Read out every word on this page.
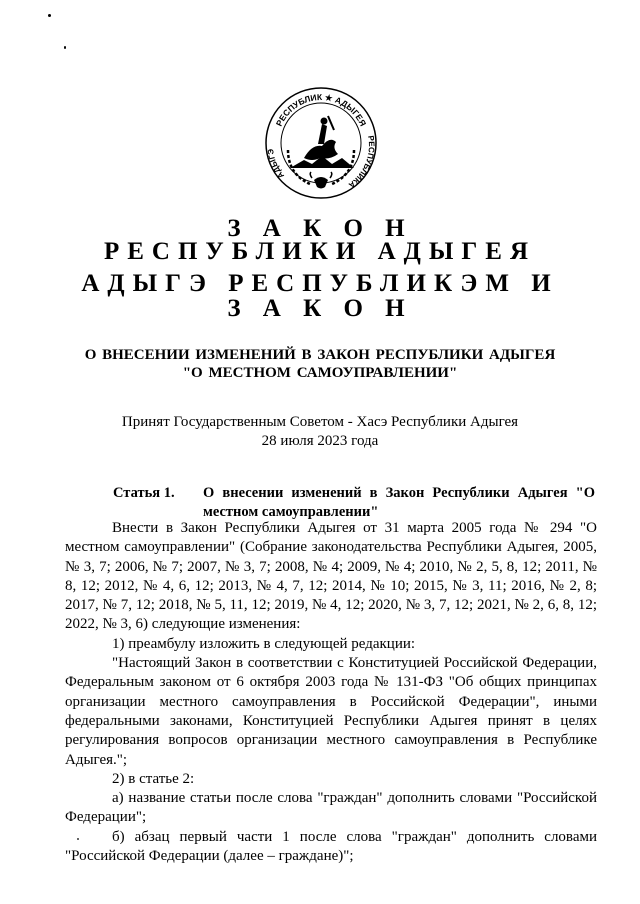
РЕСПУБЛИК ★ АДЫГЕЯ
АДЫГЭ
РЕСПУБЛИКА
З А К О Н
РЕСПУБЛИКИ АДЫГЕЯ
АДЫГЭ РЕСПУБЛИКЭМ И
З А К О Н
О ВНЕСЕНИИ ИЗМЕНЕНИЙ В ЗАКОН РЕСПУБЛИКИ АДЫГЕЯ
"О МЕСТНОМ САМОУПРАВЛЕНИИ"
Принят Государственным Советом - Хасэ Республики Адыгея
28 июля 2023 года
Статья 1. О внесении изменений в Закон Республики Адыгея "О местном самоуправлении"

Внести в Закон Республики Адыгея от 31 марта 2005 года № 294 "О местном самоуправлении" (Собрание законодательства Республики Адыгея, 2005, № 3, 7; 2006, № 7; 2007, № 3, 7; 2008, № 4; 2009, № 4; 2010, № 2, 5, 8, 12; 2011, № 8, 12; 2012, № 4, 6, 12; 2013, № 4, 7, 12; 2014, № 10; 2015, № 3, 11; 2016, № 2, 8; 2017, № 7, 12; 2018, № 5, 11, 12; 2019, № 4, 12; 2020, № 3, 7, 12; 2021, № 2, 6, 8, 12; 2022, № 3, 6) следующие изменения:

1) преамбулу изложить в следующей редакции:

"Настоящий Закон в соответствии с Конституцией Российской Федерации, Федеральным законом от 6 октября 2003 года № 131-ФЗ "Об общих принципах организации местного самоуправления в Российской Федерации", иными федеральными законами, Конституцией Республики Адыгея принят в целях регулирования вопросов организации местного самоуправления в Республике Адыгея.";

2) в статье 2:

а) название статьи после слова "граждан" дополнить словами "Российской Федерации";

б) абзац первый части 1 после слова "граждан" дополнить словами "Российской Федерации (далее – граждане)";
